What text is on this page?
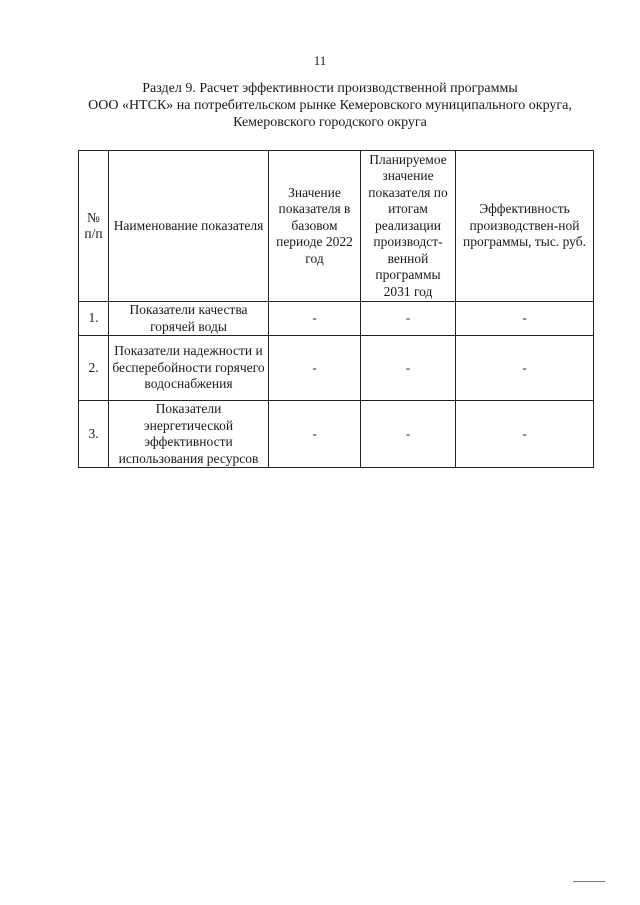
11
Раздел 9. Расчет эффективности производственной программы
ООО «НТСК» на потребительском рынке Кемеровского муниципального округа,
Кемеровского городского округа
№ п/п	Наименование показателя	Значение показателя в базовом периоде 2022 год	Планируемое значение показателя по итогам реализации производст-венной программы 2031 год	Эффективность производствен-ной программы, тыс. руб.
1.	Показатели качества горячей воды	-	-	-
2.	Показатели надежности и бесперебойности горячего водоснабжения	-	-	-
3.	Показатели энергетической эффективности использования ресурсов	-	-	-
